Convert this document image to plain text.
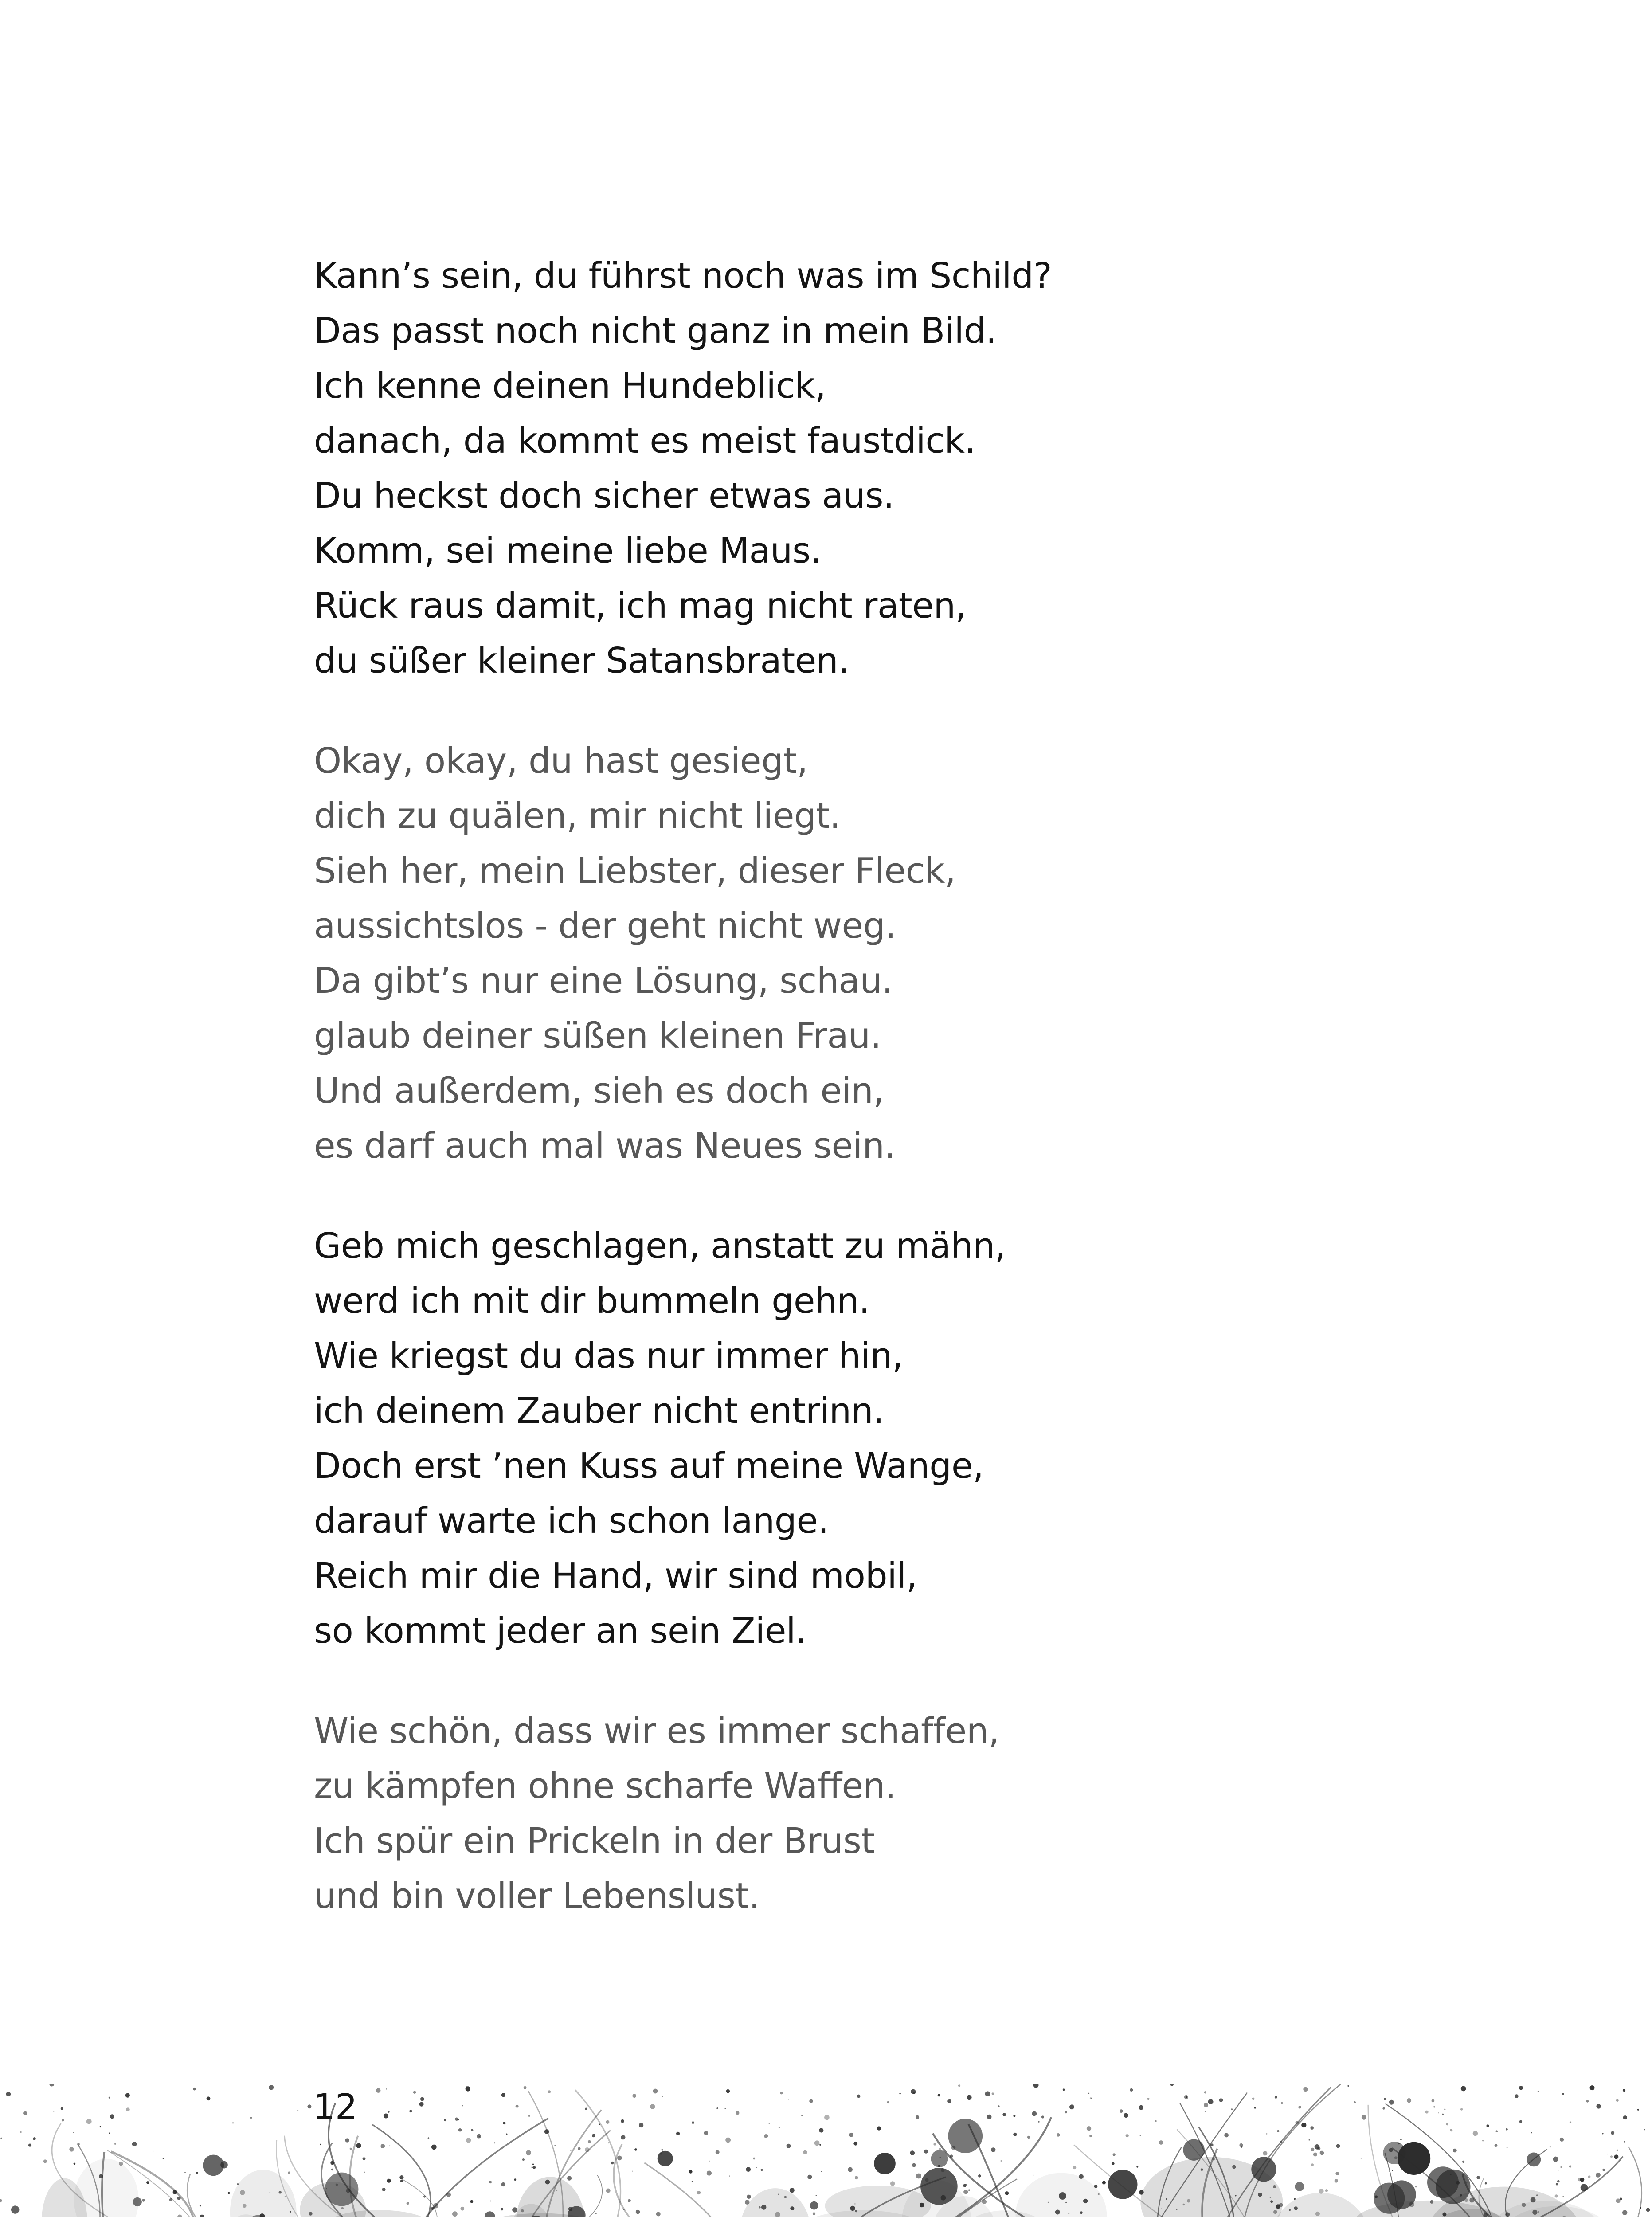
Kann’s sein, du führst noch was im Schild?
Das passt noch nicht ganz in mein Bild.
Ich kenne deinen Hundeblick,
danach, da kommt es meist faustdick.
Du heckst doch sicher etwas aus.
Komm, sei meine liebe Maus.
Rück raus damit, ich mag nicht raten,
du süßer kleiner Satansbraten.
Okay, okay, du hast gesiegt,
dich zu quälen, mir nicht liegt.
Sieh her, mein Liebster, dieser Fleck,
aussichtslos - der geht nicht weg.
Da gibt’s nur eine Lösung, schau.
glaub deiner süßen kleinen Frau.
Und außerdem, sieh es doch ein,
es darf auch mal was Neues sein.
Geb mich geschlagen, anstatt zu mähn,
werd ich mit dir bummeln gehn.
Wie kriegst du das nur immer hin,
ich deinem Zauber nicht entrinn.
Doch erst ’nen Kuss auf meine Wange,
darauf warte ich schon lange.
Reich mir die Hand, wir sind mobil,
so kommt jeder an sein Ziel.
Wie schön, dass wir es immer schaffen,
zu kämpfen ohne scharfe Waffen.
Ich spür ein Prickeln in der Brust
und bin voller Lebenslust.
12
